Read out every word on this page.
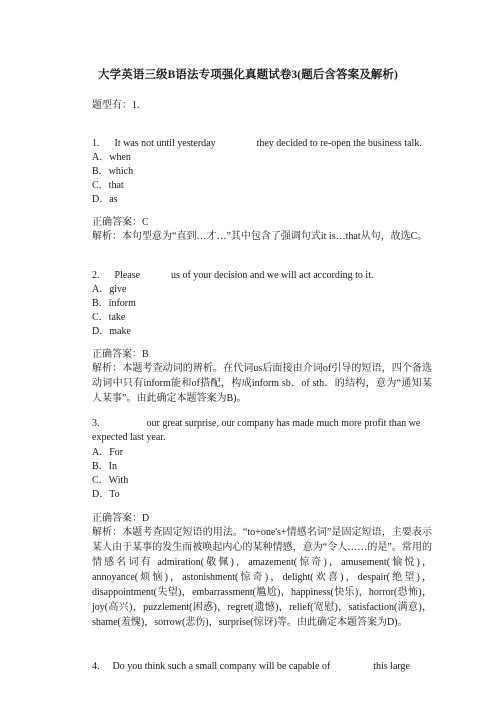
大学英语三级B语法专项强化真题试卷3(题后含答案及解析)
题型有：1.
1. It was not until yesterday	they decided to re-open the business talk.
A．when
B．which
C．that
D．as
正确答案：C
解析：本句型意为“直到…才…”其中包含了强调句式it is…that从句，故选C。
2. Please	us of your decision and we will act according to it.
A．give
B．inform
C．take
D．make
正确答案：B
解析：本题考查动词的辨析。在代词us后面接由介词of引导的短语，四个备选动词中只有inform能和of搭配，构成inform sb．of sth．的结构，意为“通知某人某事”。由此确定本题答案为B)。
3.	our great surprise, our company has made much more profit than we
expected last year.
A．For
B．In
C．With
D．To
正确答案：D
解析：本题考查固定短语的用法。“to+one's+情感名词”是固定短语，主要表示某人由于某事的发生而被唤起内心的某种情感，意为“令人……的是”。常用的情感名词有 admiration(敬佩)，amazement(惊奇)，amusement(愉悦)，annoyance(烦恼)，astonishment(惊奇)，delight(欢喜)，despair(绝望)，disappointment(失望)，embarrassment(尴尬)，happiness(快乐)，horror(恐怖)，joy(高兴)，puzzlement(困惑)，regret(遗憾)，relief(宽慰)，satisfaction(满意)，shame(羞愧)，sorrow(悲伤)，surprise(惊讶)等。由此确定本题答案为D)。
4. Do you think such a small company will be capable of	this large
